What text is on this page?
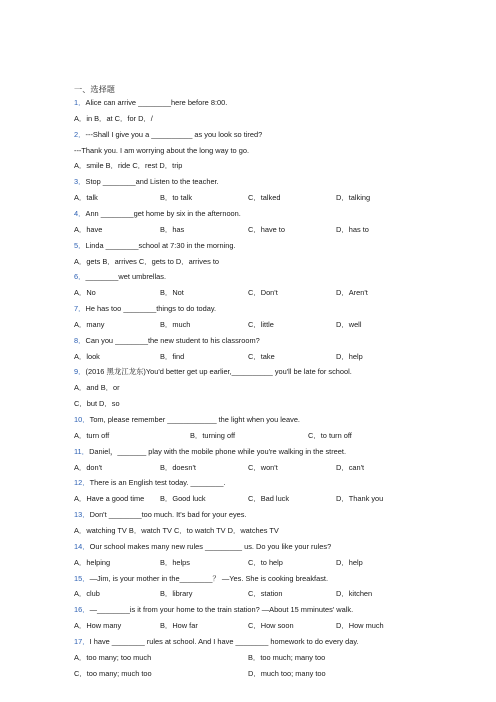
一、选择题
1．Alice can arrive ________here before 8:00.
A．in B．at C．for D．/
2．---Shall I give you a __________ as you look so tired?
---Thank you. I am worrying about the long way to go.
A．smile B．ride C．rest D．trip
3．Stop ________and Listen to the teacher.
A．talk	B．to talk	C．talked	D．talking
4．Ann ________get home by six in the afternoon.
A．have	B．has	C．have to	D．has to
5．Linda ________school at 7:30 in the morning.
A．gets B．arrives C．gets to D．arrives to
6．________wet umbrellas.
A．No	B．Not	C．Don't	D．Aren't
7．He has too ________things to do today.
A．many	B．much	C．little	D．well
8．Can you ________the new student to his classroom?
A．look	B．find	C．take	D．help
9．(2016 黑龙江龙东)You'd better get up earlier,__________ you'll be late for school.
A．and B．or
C．but D．so
10．Tom, please remember ____________ the light when you leave.
A．turn off	B．turning off	C．to turn off
11．Daniel，_______ play with the mobile phone while you're walking in the street.
A．don't	B．doesn't	C．won't	D．can't
12．There is an English test today. ________.
A．Have a good time B．Good luck	C．Bad luck	D．Thank you
13．Don't ________too much. It's bad for your eyes.
A．watching TV B．watch TV C．to watch TV D．watches TV
14．Our school makes many new rules _________ us. Do you like your rules?
A．helping	B．helps	C．to help	D．help
15．—Jim, is your mother in the________？ —Yes. She is cooking breakfast.
A．club	B．library	C．station	D．kitchen
16．—________is it from your home to the train station? —About 15 mminutes' walk.
A．How many	B．How far	C．How soon	D．How much
17．I have ________ rules at school. And I have ________ homework to do every day.
A．too many; too much	B．too much; many too
C．too many; much too	D．much too; many too
